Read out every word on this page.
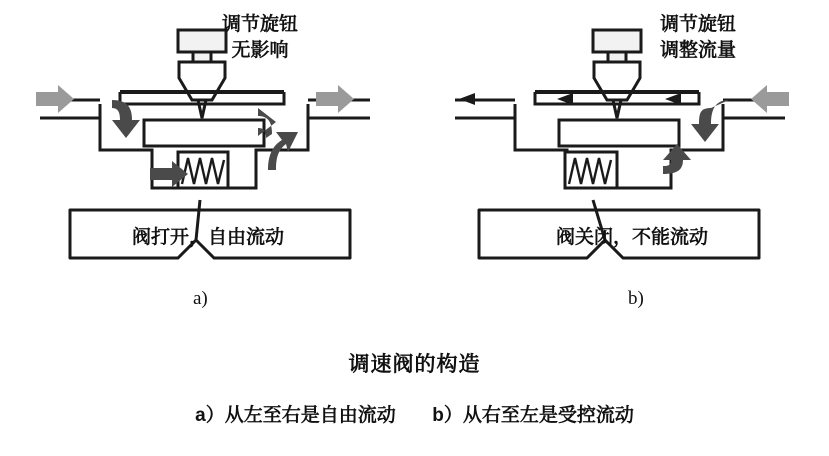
调节旋钮
无影响
阀打开，自由流动
a)
调节旋钮
调整流量
阀关闭，不能流动
b)
调速阀的构造
a）从左至右是自由流动 b）从右至左是受控流动
